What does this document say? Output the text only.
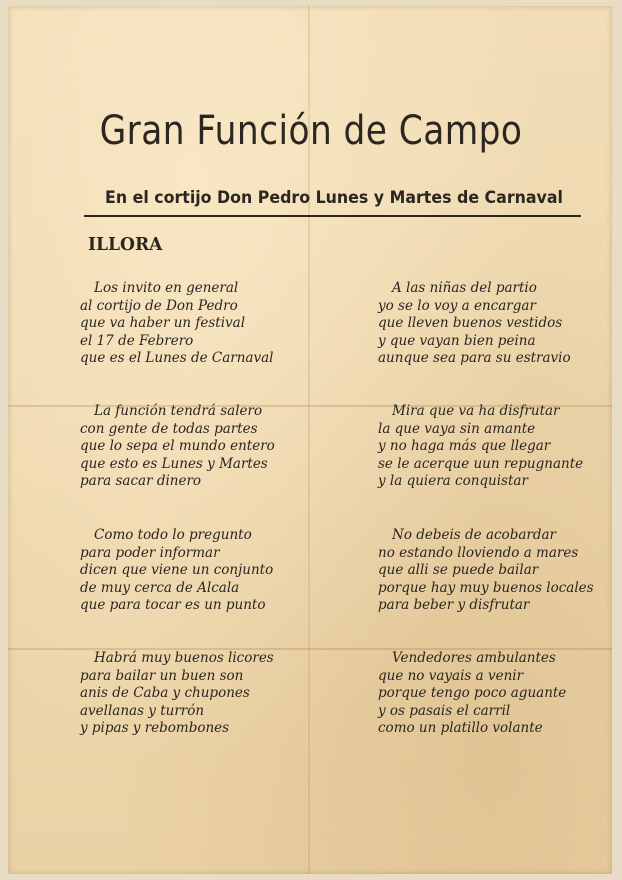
Gran Función de Campo
En el cortijo Don Pedro Lunes y Martes de Carnaval
ILLORA
Los invito en general
al cortijo de Don Pedro
que va haber un festival
el 17 de Febrero
que es el Lunes de Carnaval
La función tendrá salero
con gente de todas partes
que lo sepa el mundo entero
que esto es Lunes y Martes
para sacar dinero
Como todo lo pregunto
para poder informar
dicen que viene un conjunto
de muy cerca de Alcala
que para tocar es un punto
Habrá muy buenos licores
para bailar un buen son
anis de Caba y chupones
avellanas y turrón
y pipas y rebombones
A las niñas del partio
yo se lo voy a encargar
que lleven buenos vestidos
y que vayan bien peina
aunque sea para su estravio
Mira que va ha disfrutar
la que vaya sin amante
y no haga más que llegar
se le acerque uun repugnante
y la quiera conquistar
No debeis de acobardar
no estando lloviendo a mares
que alli se puede bailar
porque hay muy buenos locales
para beber y disfrutar
Vendedores ambulantes
que no vayais a venir
porque tengo poco aguante
y os pasais el carril
como un platillo volante
